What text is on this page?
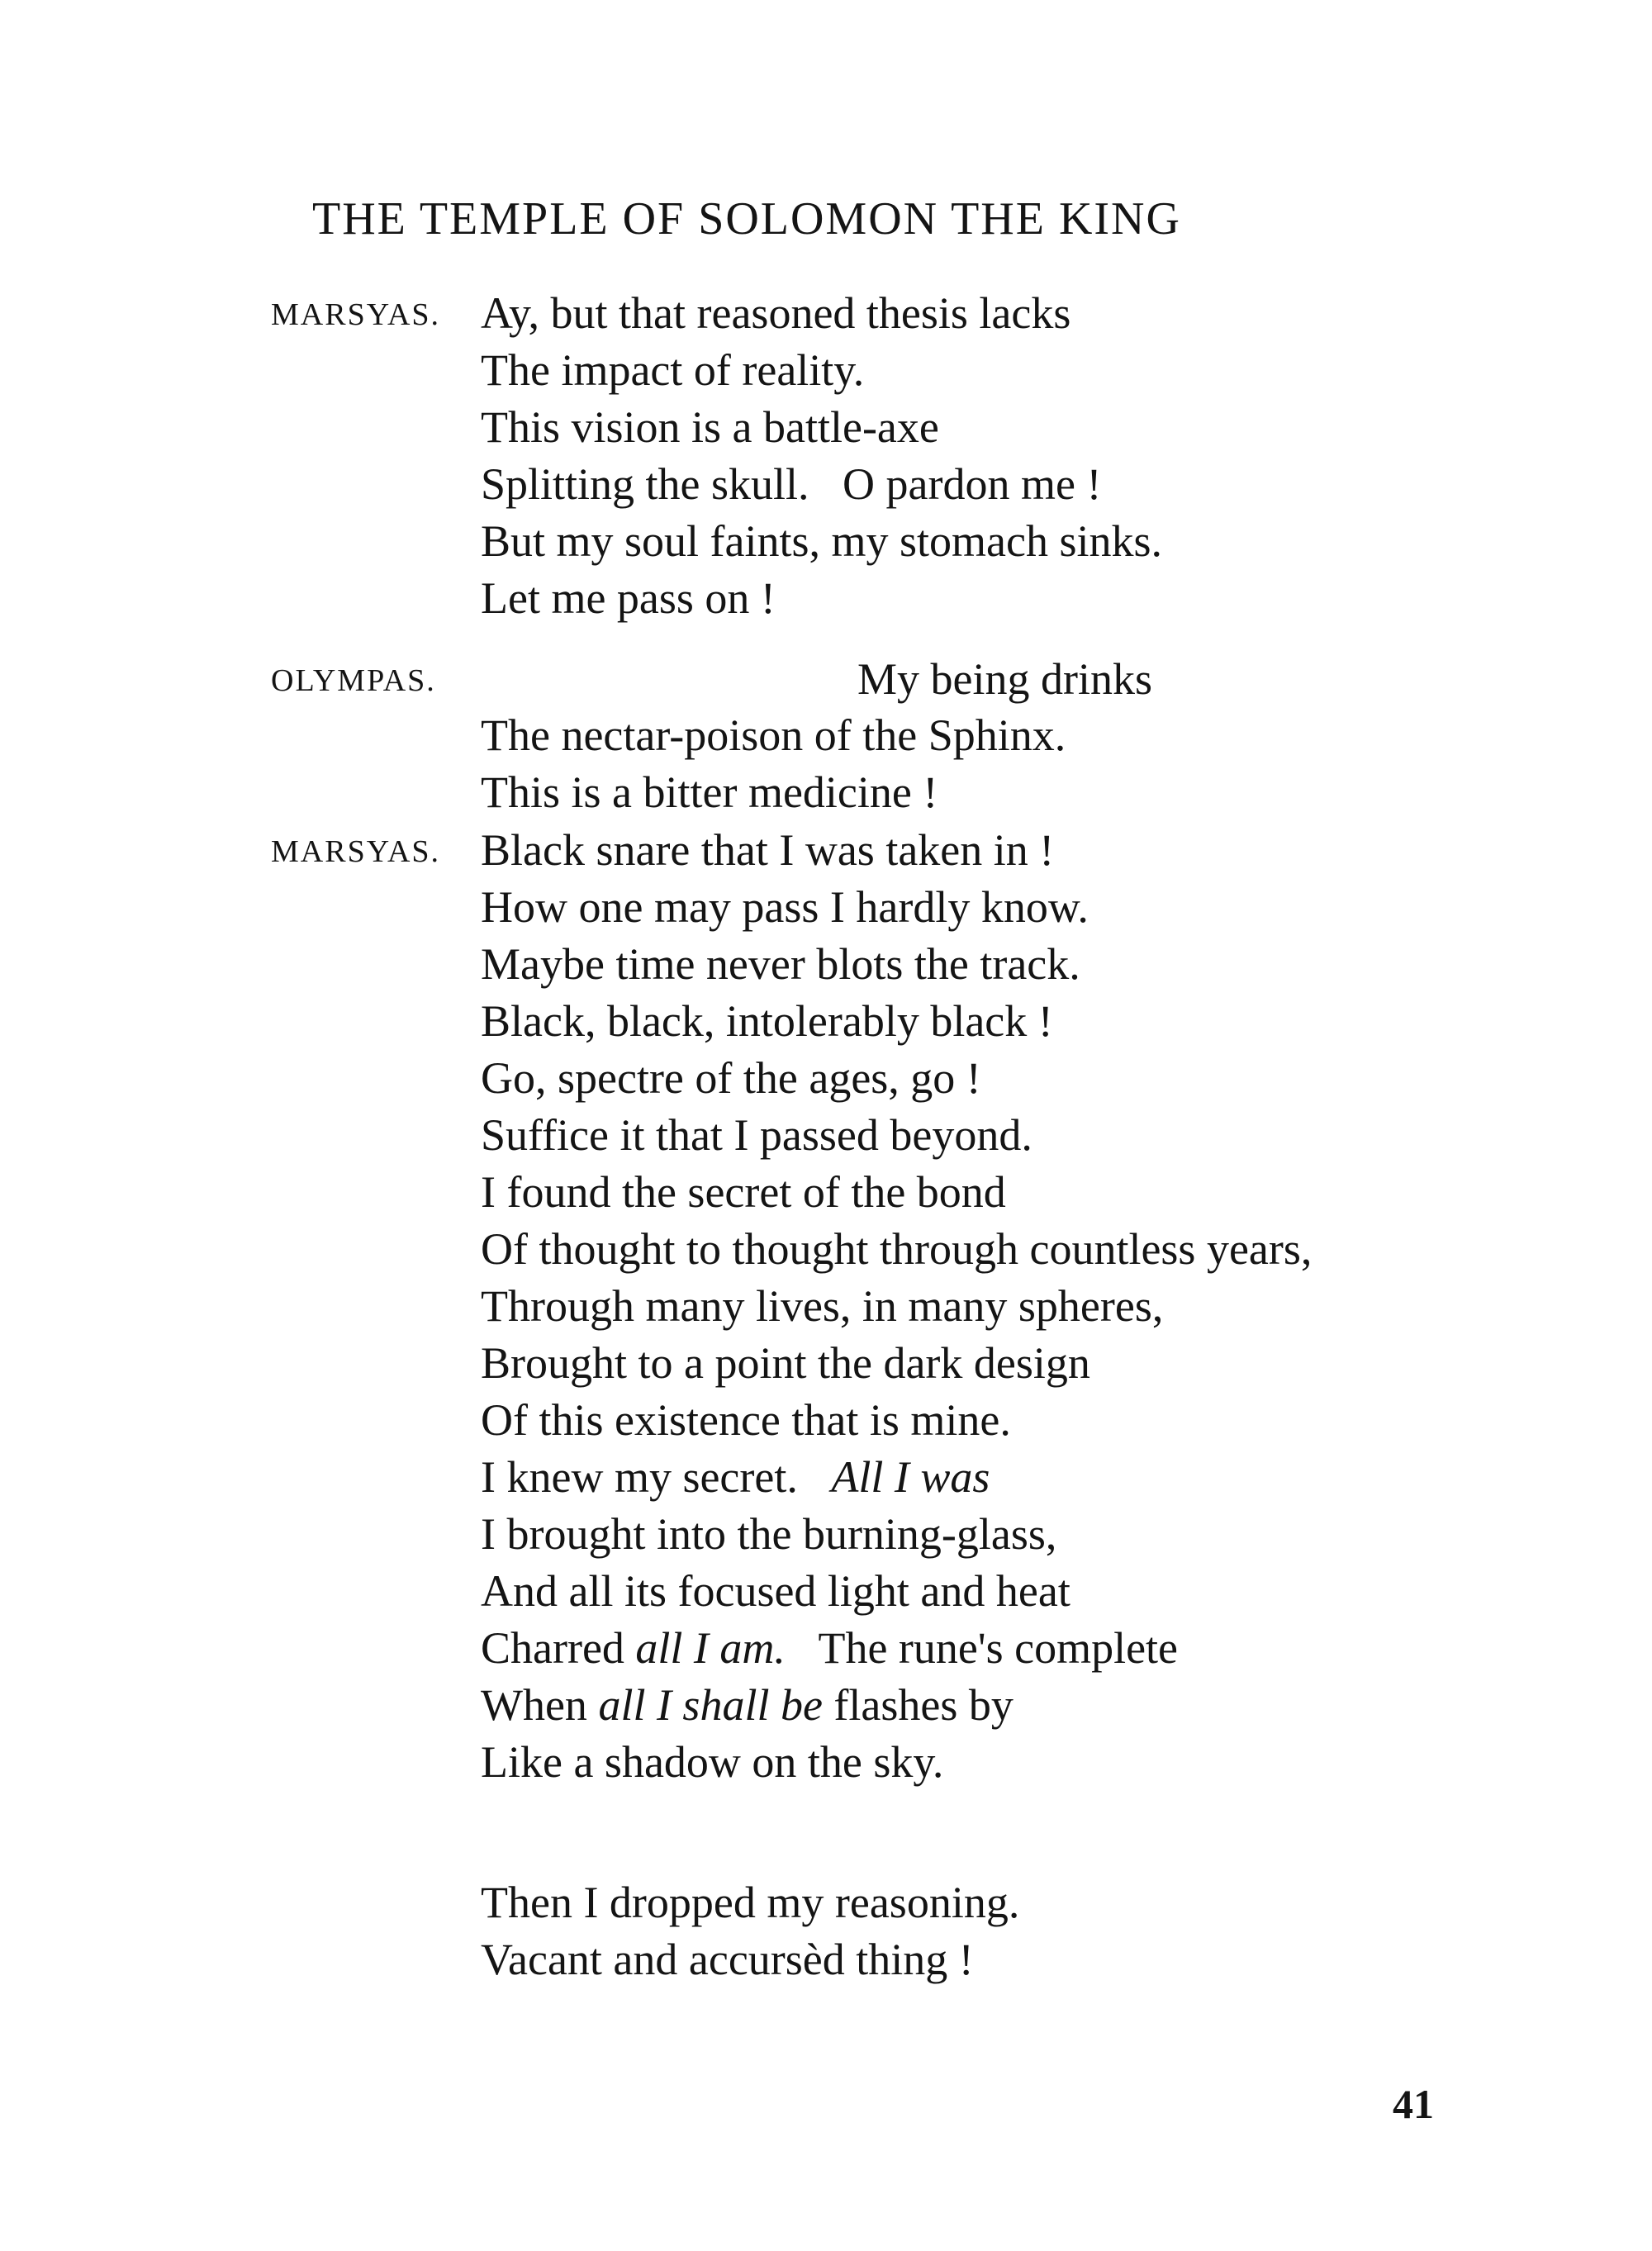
THE TEMPLE OF SOLOMON THE KING
MARSYAS. Ay, but that reasoned thesis lacks
The impact of reality.
This vision is a battle-axe
Splitting the skull.   O pardon me !
But my soul faints, my stomach sinks.
Let me pass on !
OLYMPAS.	My being drinks
The nectar-poison of the Sphinx.
This is a bitter medicine !
MARSYAS. Black snare that I was taken in !
How one may pass I hardly know.
Maybe time never blots the track.
Black, black, intolerably black !
Go, spectre of the ages, go !
Suffice it that I passed beyond.
I found the secret of the bond
Of thought to thought through countless years,
Through many lives, in many spheres,
Brought to a point the dark design
Of this existence that is mine.
I knew my secret. All I was
I brought into the burning-glass,
And all its focused light and heat
Charred all I am. The rune's complete
When all I shall be flashes by
Like a shadow on the sky.
Then I dropped my reasoning.
Vacant and accursèd thing !
41
